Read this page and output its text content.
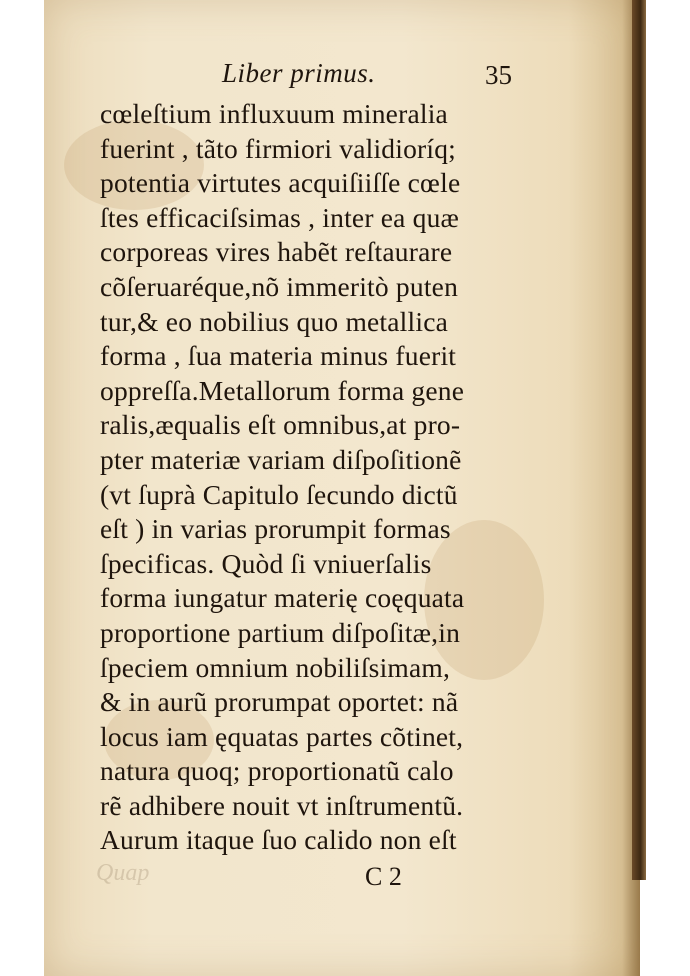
Liber primus.	35
cœleſtium influxuum mineralia
fuerint , tãto firmiori validioríq;
potentia virtutes acquiſiiſſe cœle
ſtes efficaciſsimas , inter ea quæ
corporeas vires habẽt reſtaurare
cõſeruaréque,nõ immeritò puten
tur,& eo nobilius quo metallica
forma , ſua materia minus fuerit
oppreſſa.Metallorum forma gene
ralis,æqualis eſt omnibus,at pro-
pter materiæ variam diſpoſitionẽ
(vt ſuprà Capitulo ſecundo dictũ
eſt ) in varias prorumpit formas
ſpecificas. Quòd ſi vniuerſalis
forma iungatur materię coęquata
proportione partium diſpoſitæ,in
ſpeciem omnium nobiliſsimam,
& in aurũ prorumpat oportet: nã
locus iam ęquatas partes cõtinet,
natura quoq; proportionatũ calo
rẽ adhibere nouit vt inſtrumentũ.
Aurum itaque ſuo calido non eſt
Quap	C 2
